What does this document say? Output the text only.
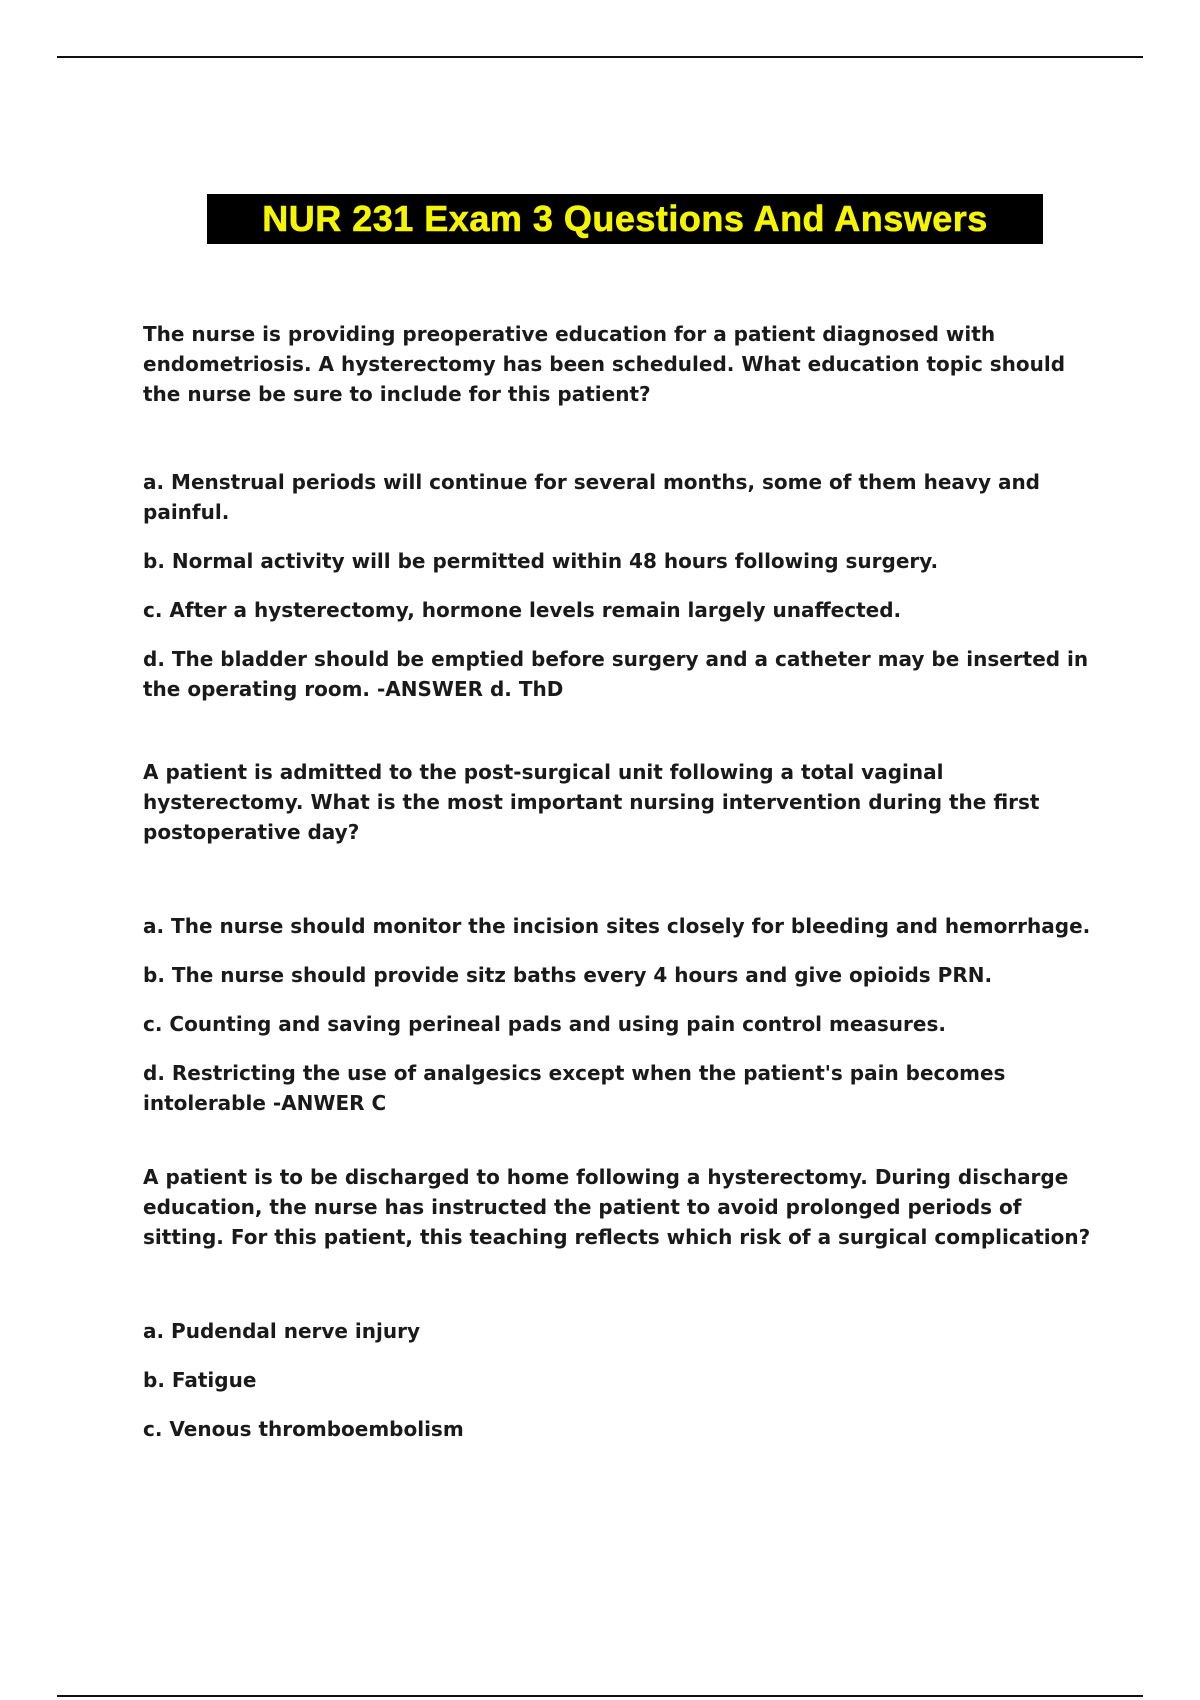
NUR 231 Exam 3 Questions And Answers

The nurse is providing preoperative education for a patient diagnosed with endometriosis. A hysterectomy has been scheduled. What education topic should the nurse be sure to include for this patient?

a. Menstrual periods will continue for several months, some of them heavy and painful.
b. Normal activity will be permitted within 48 hours following surgery.
c. After a hysterectomy, hormone levels remain largely unaffected.
d. The bladder should be emptied before surgery and a catheter may be inserted in the operating room. -ANSWER d. ThD

A patient is admitted to the post-surgical unit following a total vaginal hysterectomy. What is the most important nursing intervention during the first postoperative day?

a. The nurse should monitor the incision sites closely for bleeding and hemorrhage.
b. The nurse should provide sitz baths every 4 hours and give opioids PRN.
c. Counting and saving perineal pads and using pain control measures.
d. Restricting the use of analgesics except when the patient's pain becomes intolerable -ANWER C

A patient is to be discharged to home following a hysterectomy. During discharge education, the nurse has instructed the patient to avoid prolonged periods of sitting. For this patient, this teaching reflects which risk of a surgical complication?

a. Pudendal nerve injury
b. Fatigue
c. Venous thromboembolism
